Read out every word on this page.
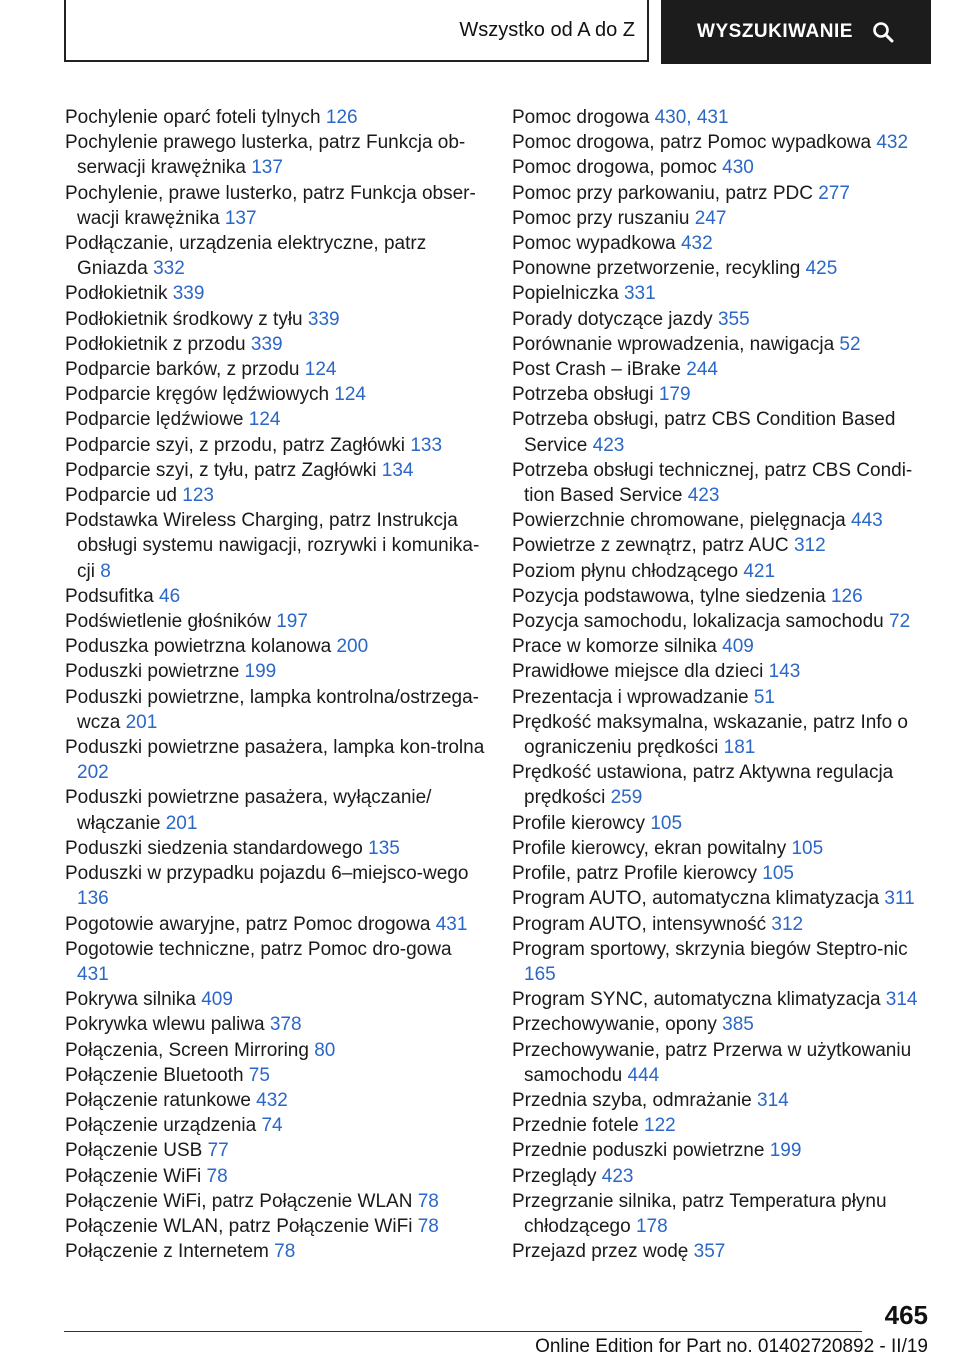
Wszystko od A do Z	WYSZUKIWANIE
Pochylenie oparć foteli tylnych 126
Pochylenie prawego lusterka, patrz Funkcja ob-serwacji krawężnika 137
Pochylenie, prawe lusterko, patrz Funkcja obser-wacji krawężnika 137
Podłączanie, urządzenia elektryczne, patrz Gniazda 332
Podłokietnik 339
Podłokietnik środkowy z tyłu 339
Podłokietnik z przodu 339
Podparcie barków, z przodu 124
Podparcie kręgów lędźwiowych 124
Podparcie lędźwiowe 124
Podparcie szyi, z przodu, patrz Zagłówki 133
Podparcie szyi, z tyłu, patrz Zagłówki 134
Podparcie ud 123
Podstawka Wireless Charging, patrz Instrukcja obsługi systemu nawigacji, rozrywki i komunika-cji 8
Podsufitka 46
Podświetlenie głośników 197
Poduszka powietrzna kolanowa 200
Poduszki powietrzne 199
Poduszki powietrzne, lampka kontrolna/ostrzega-wcza 201
Poduszki powietrzne pasażera, lampka kon-trolna 202
Poduszki powietrzne pasażera, wyłączanie/ włączanie 201
Poduszki siedzenia standardowego 135
Poduszki w przypadku pojazdu 6–miejsco-wego 136
Pogotowie awaryjne, patrz Pomoc drogowa 431
Pogotowie techniczne, patrz Pomoc dro-gowa 431
Pokrywa silnika 409
Pokrywka wlewu paliwa 378
Połączenia, Screen Mirroring 80
Połączenie Bluetooth 75
Połączenie ratunkowe 432
Połączenie urządzenia 74
Połączenie USB 77
Połączenie WiFi 78
Połączenie WiFi, patrz Połączenie WLAN 78
Połączenie WLAN, patrz Połączenie WiFi 78
Połączenie z Internetem 78
Pomoc drogowa 430, 431
Pomoc drogowa, patrz Pomoc wypadkowa 432
Pomoc drogowa, pomoc 430
Pomoc przy parkowaniu, patrz PDC 277
Pomoc przy ruszaniu 247
Pomoc wypadkowa 432
Ponowne przetworzenie, recykling 425
Popielniczka 331
Porady dotyczące jazdy 355
Porównanie wprowadzenia, nawigacja 52
Post Crash – iBrake 244
Potrzeba obsługi 179
Potrzeba obsługi, patrz CBS Condition Based Service 423
Potrzeba obsługi technicznej, patrz CBS Condi-tion Based Service 423
Powierzchnie chromowane, pielęgnacja 443
Powietrze z zewnątrz, patrz AUC 312
Poziom płynu chłodzącego 421
Pozycja podstawowa, tylne siedzenia 126
Pozycja samochodu, lokalizacja samochodu 72
Prace w komorze silnika 409
Prawidłowe miejsce dla dzieci 143
Prezentacja i wprowadzanie 51
Prędkość maksymalna, wskazanie, patrz Info o ograniczeniu prędkości 181
Prędkość ustawiona, patrz Aktywna regulacja prędkości 259
Profile kierowcy 105
Profile kierowcy, ekran powitalny 105
Profile, patrz Profile kierowcy 105
Program AUTO, automatyczna klimatyzacja 311
Program AUTO, intensywność 312
Program sportowy, skrzynia biegów Steptro-nic 165
Program SYNC, automatyczna klimatyzacja 314
Przechowywanie, opony 385
Przechowywanie, patrz Przerwa w użytkowaniu samochodu 444
Przednia szyba, odmrażanie 314
Przednie fotele 122
Przednie poduszki powietrzne 199
Przeglądy 423
Przegrzanie silnika, patrz Temperatura płynu chłodzącego 178
Przejazd przez wodę 357
465
Online Edition for Part no. 01402720892 - II/19
